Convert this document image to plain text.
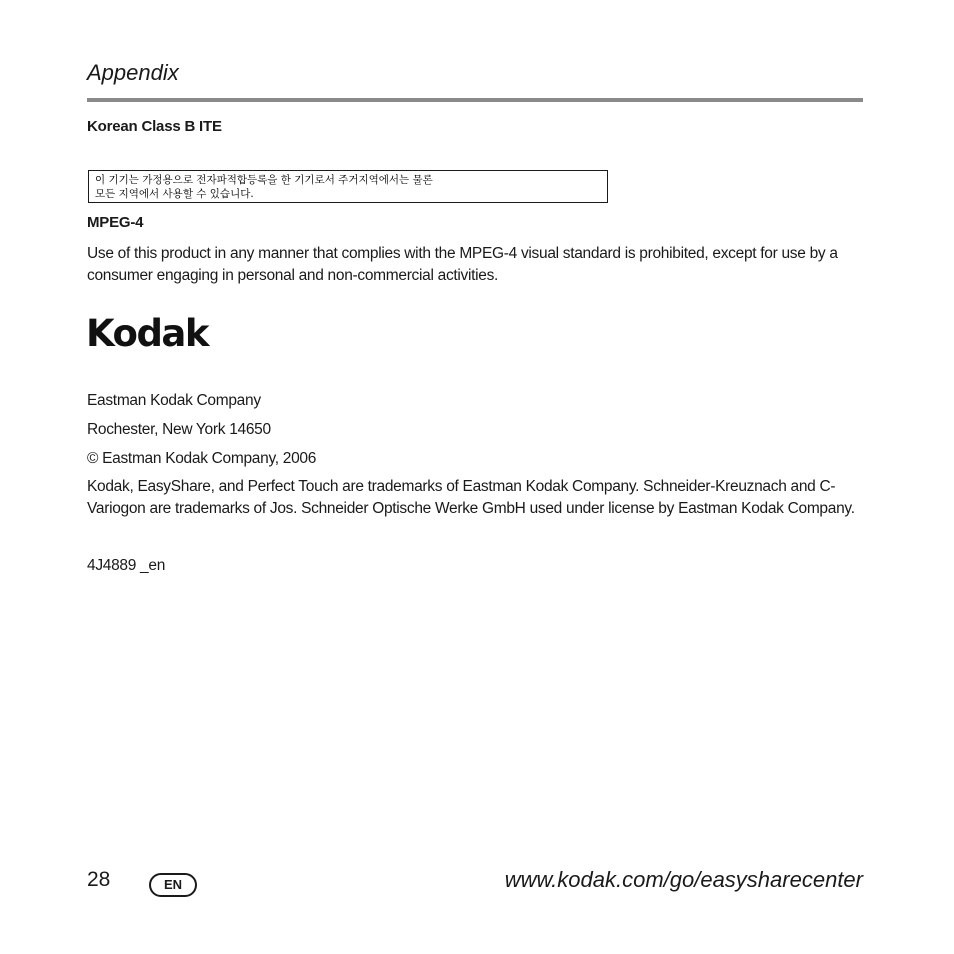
Appendix
Korean Class B ITE
이 기기는 가정용으로 전자파적합등록을 한 기기로서 주거지역에서는 물론
모든 지역에서 사용할 수 있습니다.
MPEG-4
Use of this product in any manner that complies with the MPEG-4 visual standard is prohibited, except for use by a consumer engaging in personal and non-commercial activities.
Kodak
Eastman Kodak Company
Rochester, New York 14650
© Eastman Kodak Company, 2006
Kodak, EasyShare, and Perfect Touch are trademarks of Eastman Kodak Company. Schneider-Kreuznach and C-Variogon are trademarks of Jos. Schneider Optische Werke GmbH used under license by Eastman Kodak Company.
4J4889 _en
28	EN	www.kodak.com/go/easysharecenter
